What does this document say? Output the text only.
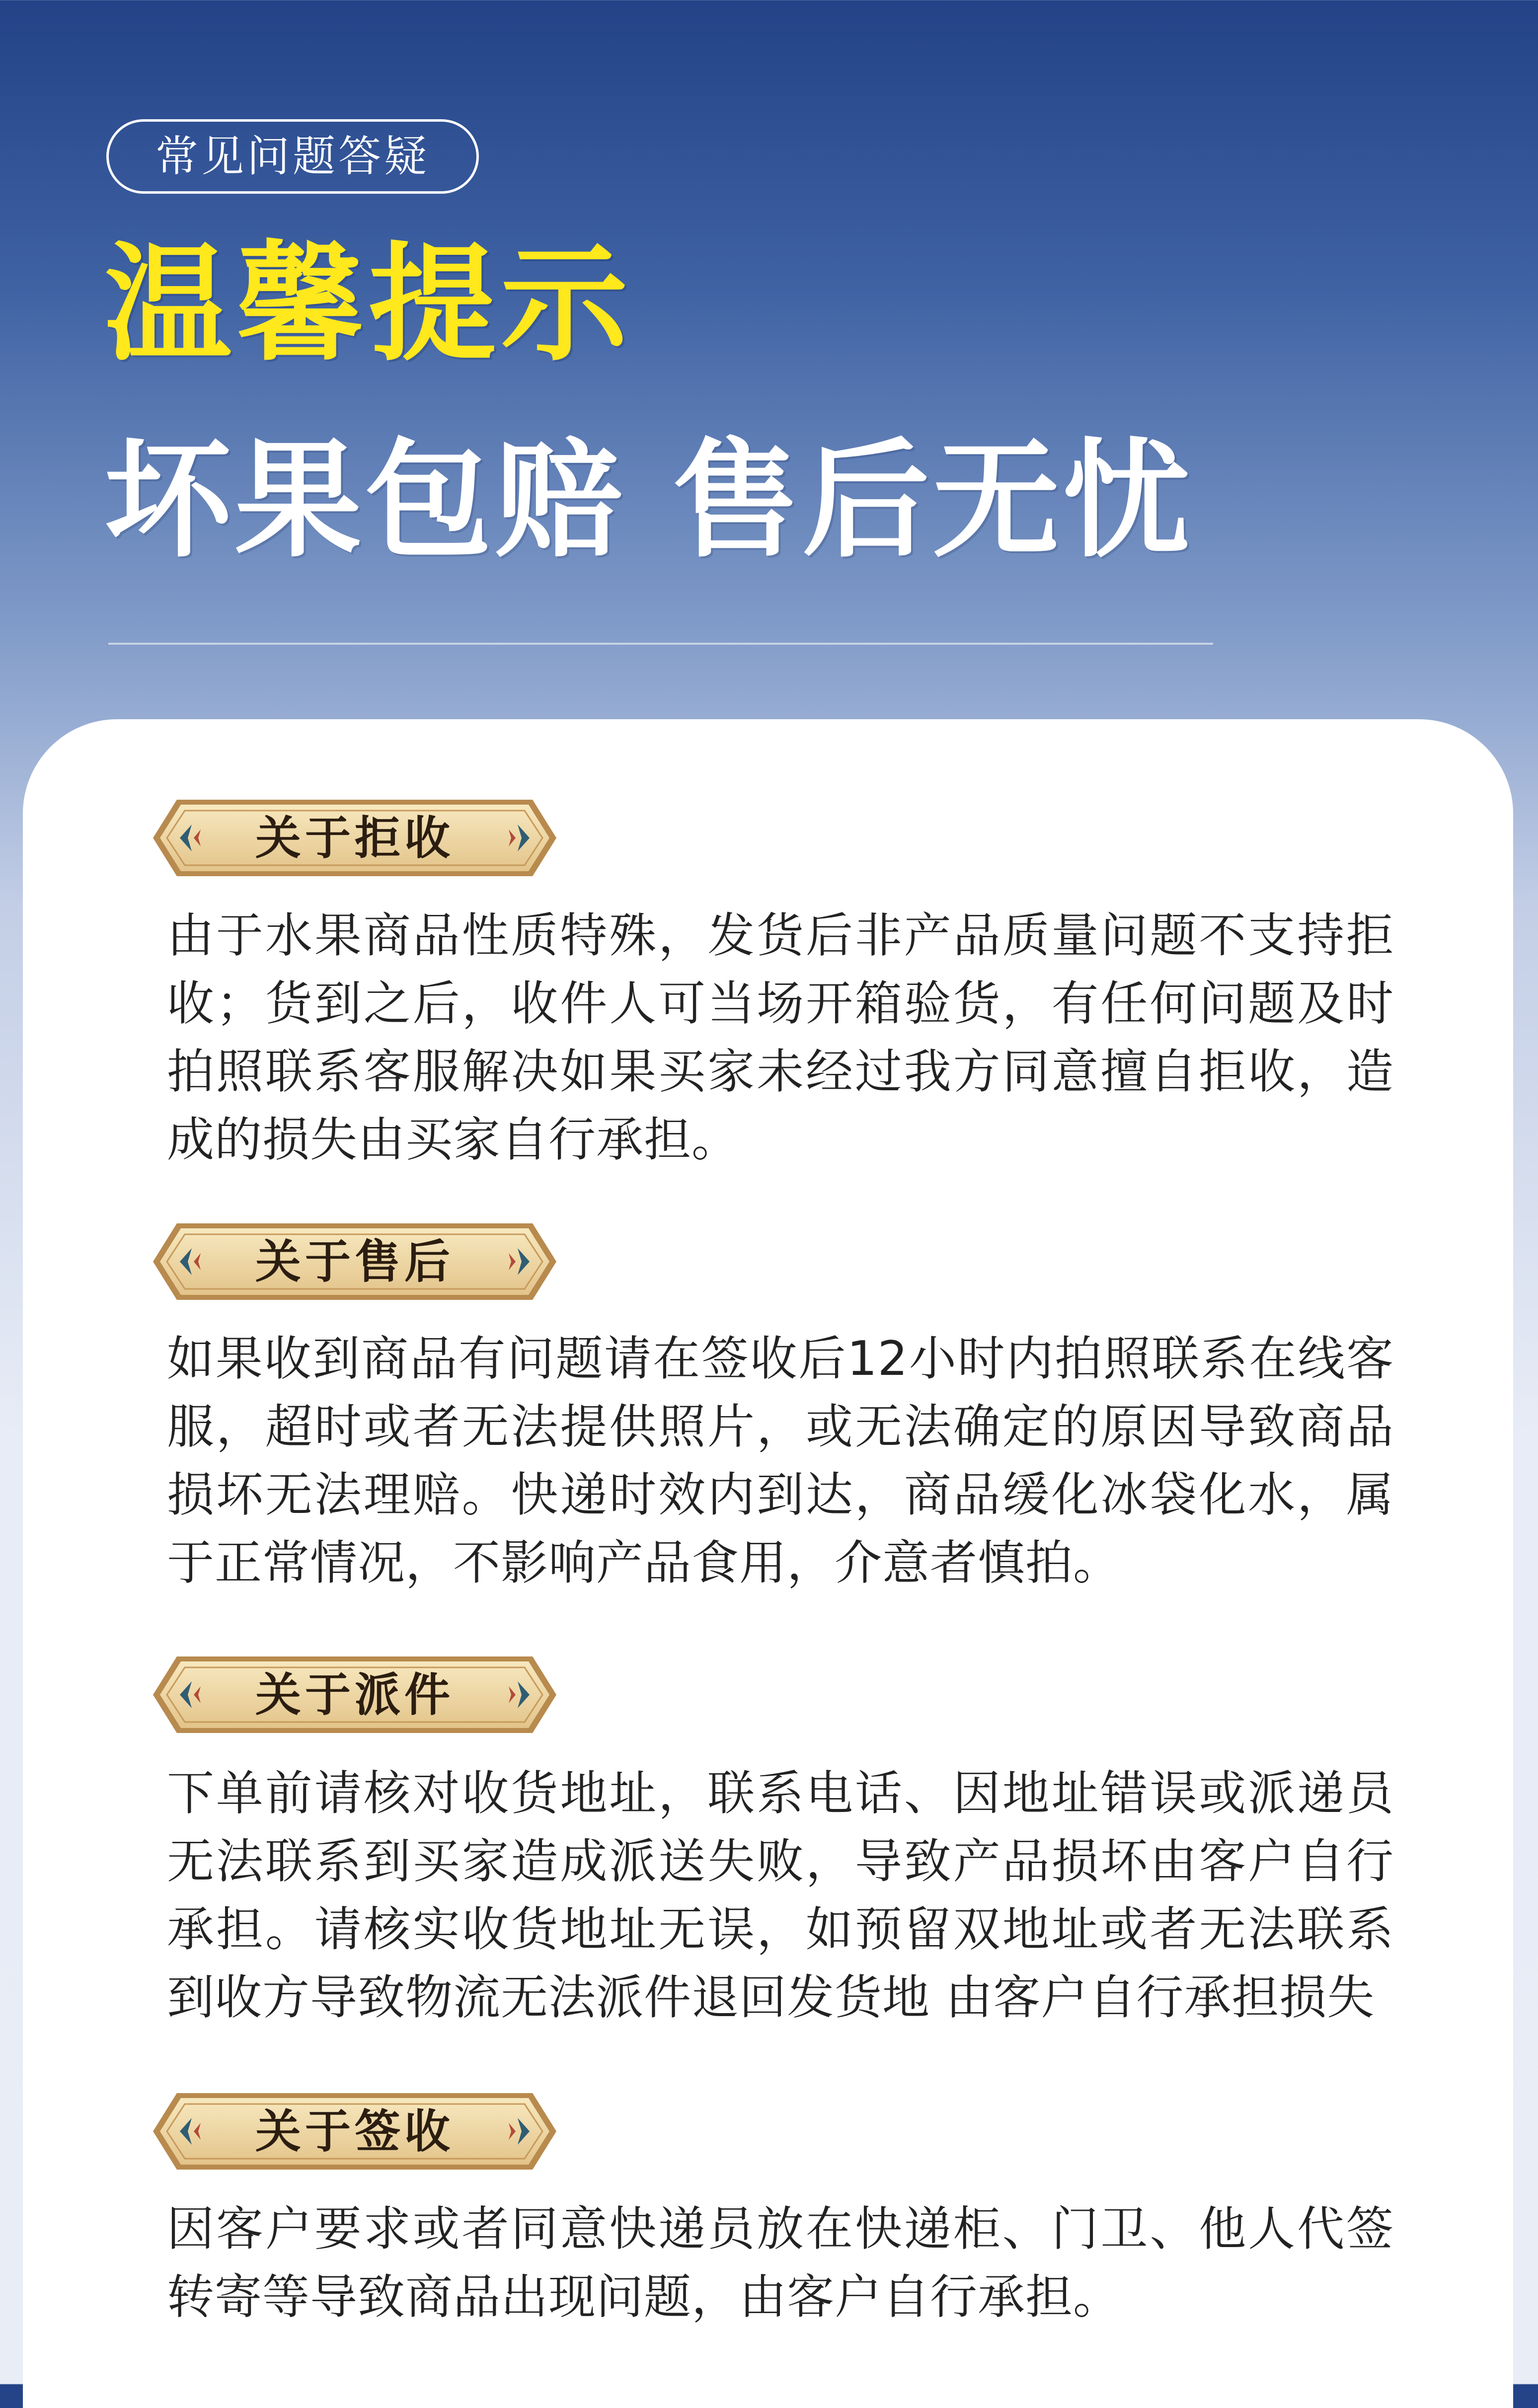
常见问题答疑
温馨提示
坏果包赔 售后无忧
关于拒收

由于水果商品性质特殊，发货后非产品质量问题不支持拒收；货到之后，收件人可当场开箱验货，有任何问题及时拍照联系客服解决如果买家未经过我方同意擅自拒收，造成的损失由买家自行承担。

关于售后

如果收到商品有问题请在签收后12小时内拍照联系在线客服，超时或者无法提供照片，或无法确定的原因导致商品损坏无法理赔。快递时效内到达，商品缓化冰袋化水，属于正常情况，不影响产品食用，介意者慎拍。

关于派件

下单前请核对收货地址，联系电话、因地址错误或派递员无法联系到买家造成派送失败，导致产品损坏由客户自行承担。请核实收货地址无误，如预留双地址或者无法联系到收方导致物流无法派件退回发货地 由客户自行承担损失

关于签收

因客户要求或者同意快递员放在快递柜、门卫、他人代签转寄等导致商品出现问题，由客户自行承担。
